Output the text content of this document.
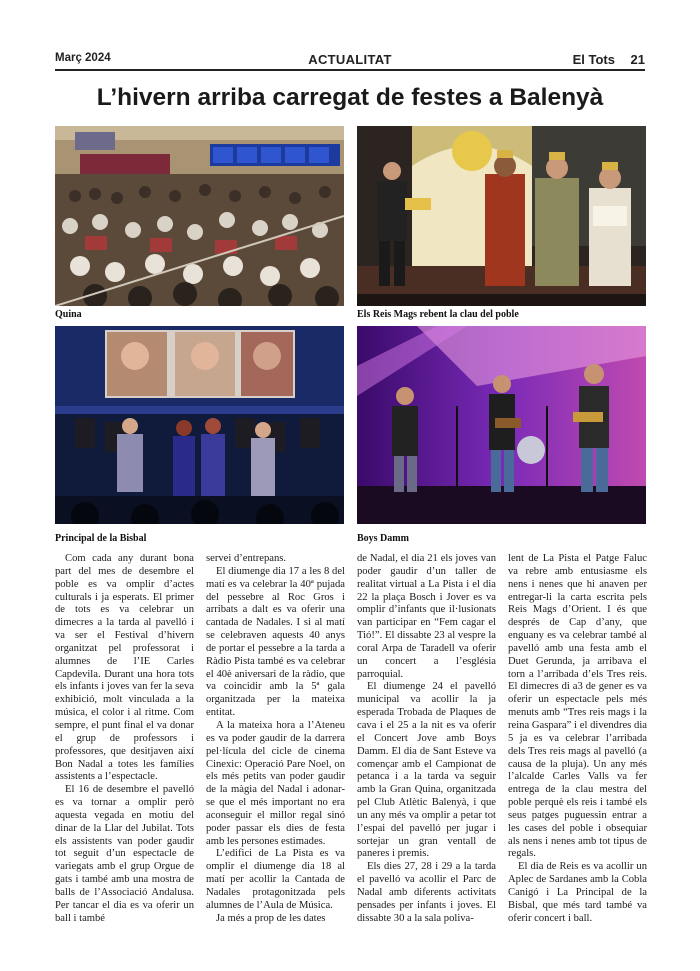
Març 2024	ACTUALITAT	El Tots 21
L’hivern arriba carregat de festes a Balenyà
Quina	Els Reis Mags rebent la clau del poble
Principal de la Bisbal	Boys Damm

Com cada any durant bona part del mes de desembre el poble es va omplir d’actes culturals i ja esperats. El primer de tots es va celebrar un dimecres a la tarda al pavelló i va ser el Festival d’hivern organitzat pel professorat i alumnes de l’IE Carles Capdevila. Durant una hora tots els infants i joves van fer la seva exhibició, molt vinculada a la música, el color i al ritme. Com sempre, el punt final el va donar el grup de professors i professores, que desitjaven així Bon Nadal a totes les famílies assistents a l’espectacle.

El 16 de desembre el pavelló es va tornar a omplir però aquesta vegada en motiu del dinar de la Llar del Jubilat. Tots els assistents van poder gaudir tot seguit d’un espectacle de variegats amb el grup Orgue de gats i també amb una mostra de balls de l’Associació Andalusa. Per tancar el dia es va oferir un ball i també

servei d’entrepans.

El diumenge dia 17 a les 8 del matí es va celebrar la 40ª pujada del pessebre al Roc Gros i arribats a dalt es va oferir una cantada de Nadales. I si al matí se celebraven aquests 40 anys de portar el pessebre a la tarda a Ràdio Pista també es va celebrar el 40è aniversari de la ràdio, que va coincidir amb la 5ª gala organitzada per la mateixa entitat.

A la mateixa hora a l’Ateneu es va poder gaudir de la darrera pel·lícula del cicle de cinema Cinexic: Operació Pare Noel, on els més petits van poder gaudir de la màgia del Nadal i adonar-se que el més important no era aconseguir el millor regal sinó poder passar els dies de festa amb les persones estimades.

L’edifici de La Pista es va omplir el diumenge dia 18 al matí per acollir la Cantada de Nadales protagonitzada pels alumnes de l’Aula de Música.

Ja més a prop de les dates

de Nadal, el dia 21 els joves van poder gaudir d’un taller de realitat virtual a La Pista i el dia 22 la plaça Bosch i Jover es va omplir d’infants que il·lusionats van participar en “Fem cagar el Tió!”. El dissabte 23 al vespre la coral Arpa de Taradell va oferir un concert a l’església parroquial.

El diumenge 24 el pavelló municipal va acollir la ja esperada Trobada de Plaques de cava i el 25 a la nit es va oferir el Concert Jove amb Boys Damm. El dia de Sant Esteve va començar amb el Campionat de petanca i a la tarda va seguir amb la Gran Quina, organitzada pel Club Atlètic Balenyà, i que un any més va omplir a petar tot l’espai del pavelló per jugar i sortejar un gran ventall de paneres i premis.

Els dies 27, 28 i 29 a la tarda el pavelló va acollir el Parc de Nadal amb diferents activitats pensades per infants i joves. El dissabte 30 a la sala poliva-

lent de La Pista el Patge Faluc va rebre amb entusiasme els nens i nenes que hi anaven per entregar-li la carta escrita pels Reis Mags d’Orient. I és que després de Cap d’any, que enguany es va celebrar també al pavelló amb una festa amb el Duet Gerunda, ja arribava el torn a l’arribada d’els Tres reis. El dimecres di a3 de gener es va oferir un espectacle pels més menuts amb “Tres reis mags i la reina Gaspara” i el divendres dia 5 ja es va celebrar l’arribada dels Tres reis mags al pavelló (a causa de la pluja). Un any més l’alcalde Carles Valls va fer entrega de la clau mestra del poble perquè els reis i també els seus patges puguessin entrar a les cases del poble i obsequiar als nens i nenes amb tot tipus de regals.

El dia de Reis es va acollir un Aplec de Sardanes amb la Cobla Canigó i La Principal de la Bisbal, que més tard també va oferir concert i ball.
